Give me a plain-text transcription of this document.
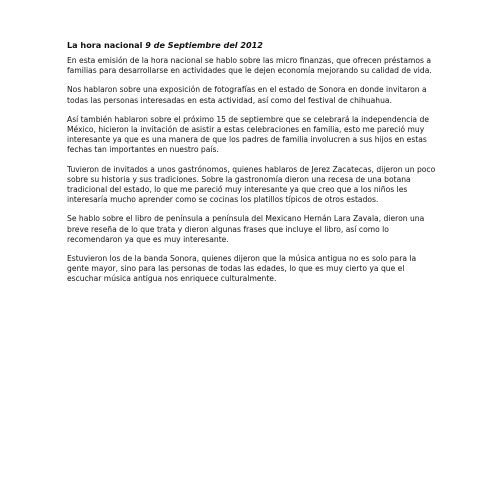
La hora nacional 9 de Septiembre del 2012

En esta emisión de la hora nacional se hablo sobre las micro finanzas, que ofrecen préstamos a familias para desarrollarse en actividades que le dejen economía mejorando su calidad de vida.

Nos hablaron sobre una exposición de fotografías en el estado de Sonora en donde invitaron a todas las personas interesadas en esta actividad, así como del festival de chihuahua.

Así también hablaron sobre el próximo 15 de septiembre que se celebrará la independencia de México, hicieron la invitación de asistir a estas celebraciones en familia, esto me pareció muy interesante ya que es una manera de que los padres de familia involucren a sus hijos en estas fechas tan importantes en nuestro país.

Tuvieron de invitados a unos gastrónomos, quienes hablaros de Jerez Zacatecas, dijeron un poco sobre su historia y sus tradiciones. Sobre la gastronomía dieron una recesa de una botana tradicional del estado, lo que me pareció muy interesante ya que creo que a los niños les interesaría mucho aprender como se cocinas los platillos típicos de otros estados.

Se hablo sobre el libro de península a península del Mexicano Hernán Lara Zavala, dieron una breve reseña de lo que trata y dieron algunas frases que incluye el libro, así como lo recomendaron ya que es muy interesante.

Estuvieron los de la banda Sonora, quienes dijeron que la música antigua no es solo para la gente mayor, sino para las personas de todas las edades, lo que es muy cierto ya que el escuchar música antigua nos enriquece culturalmente.
